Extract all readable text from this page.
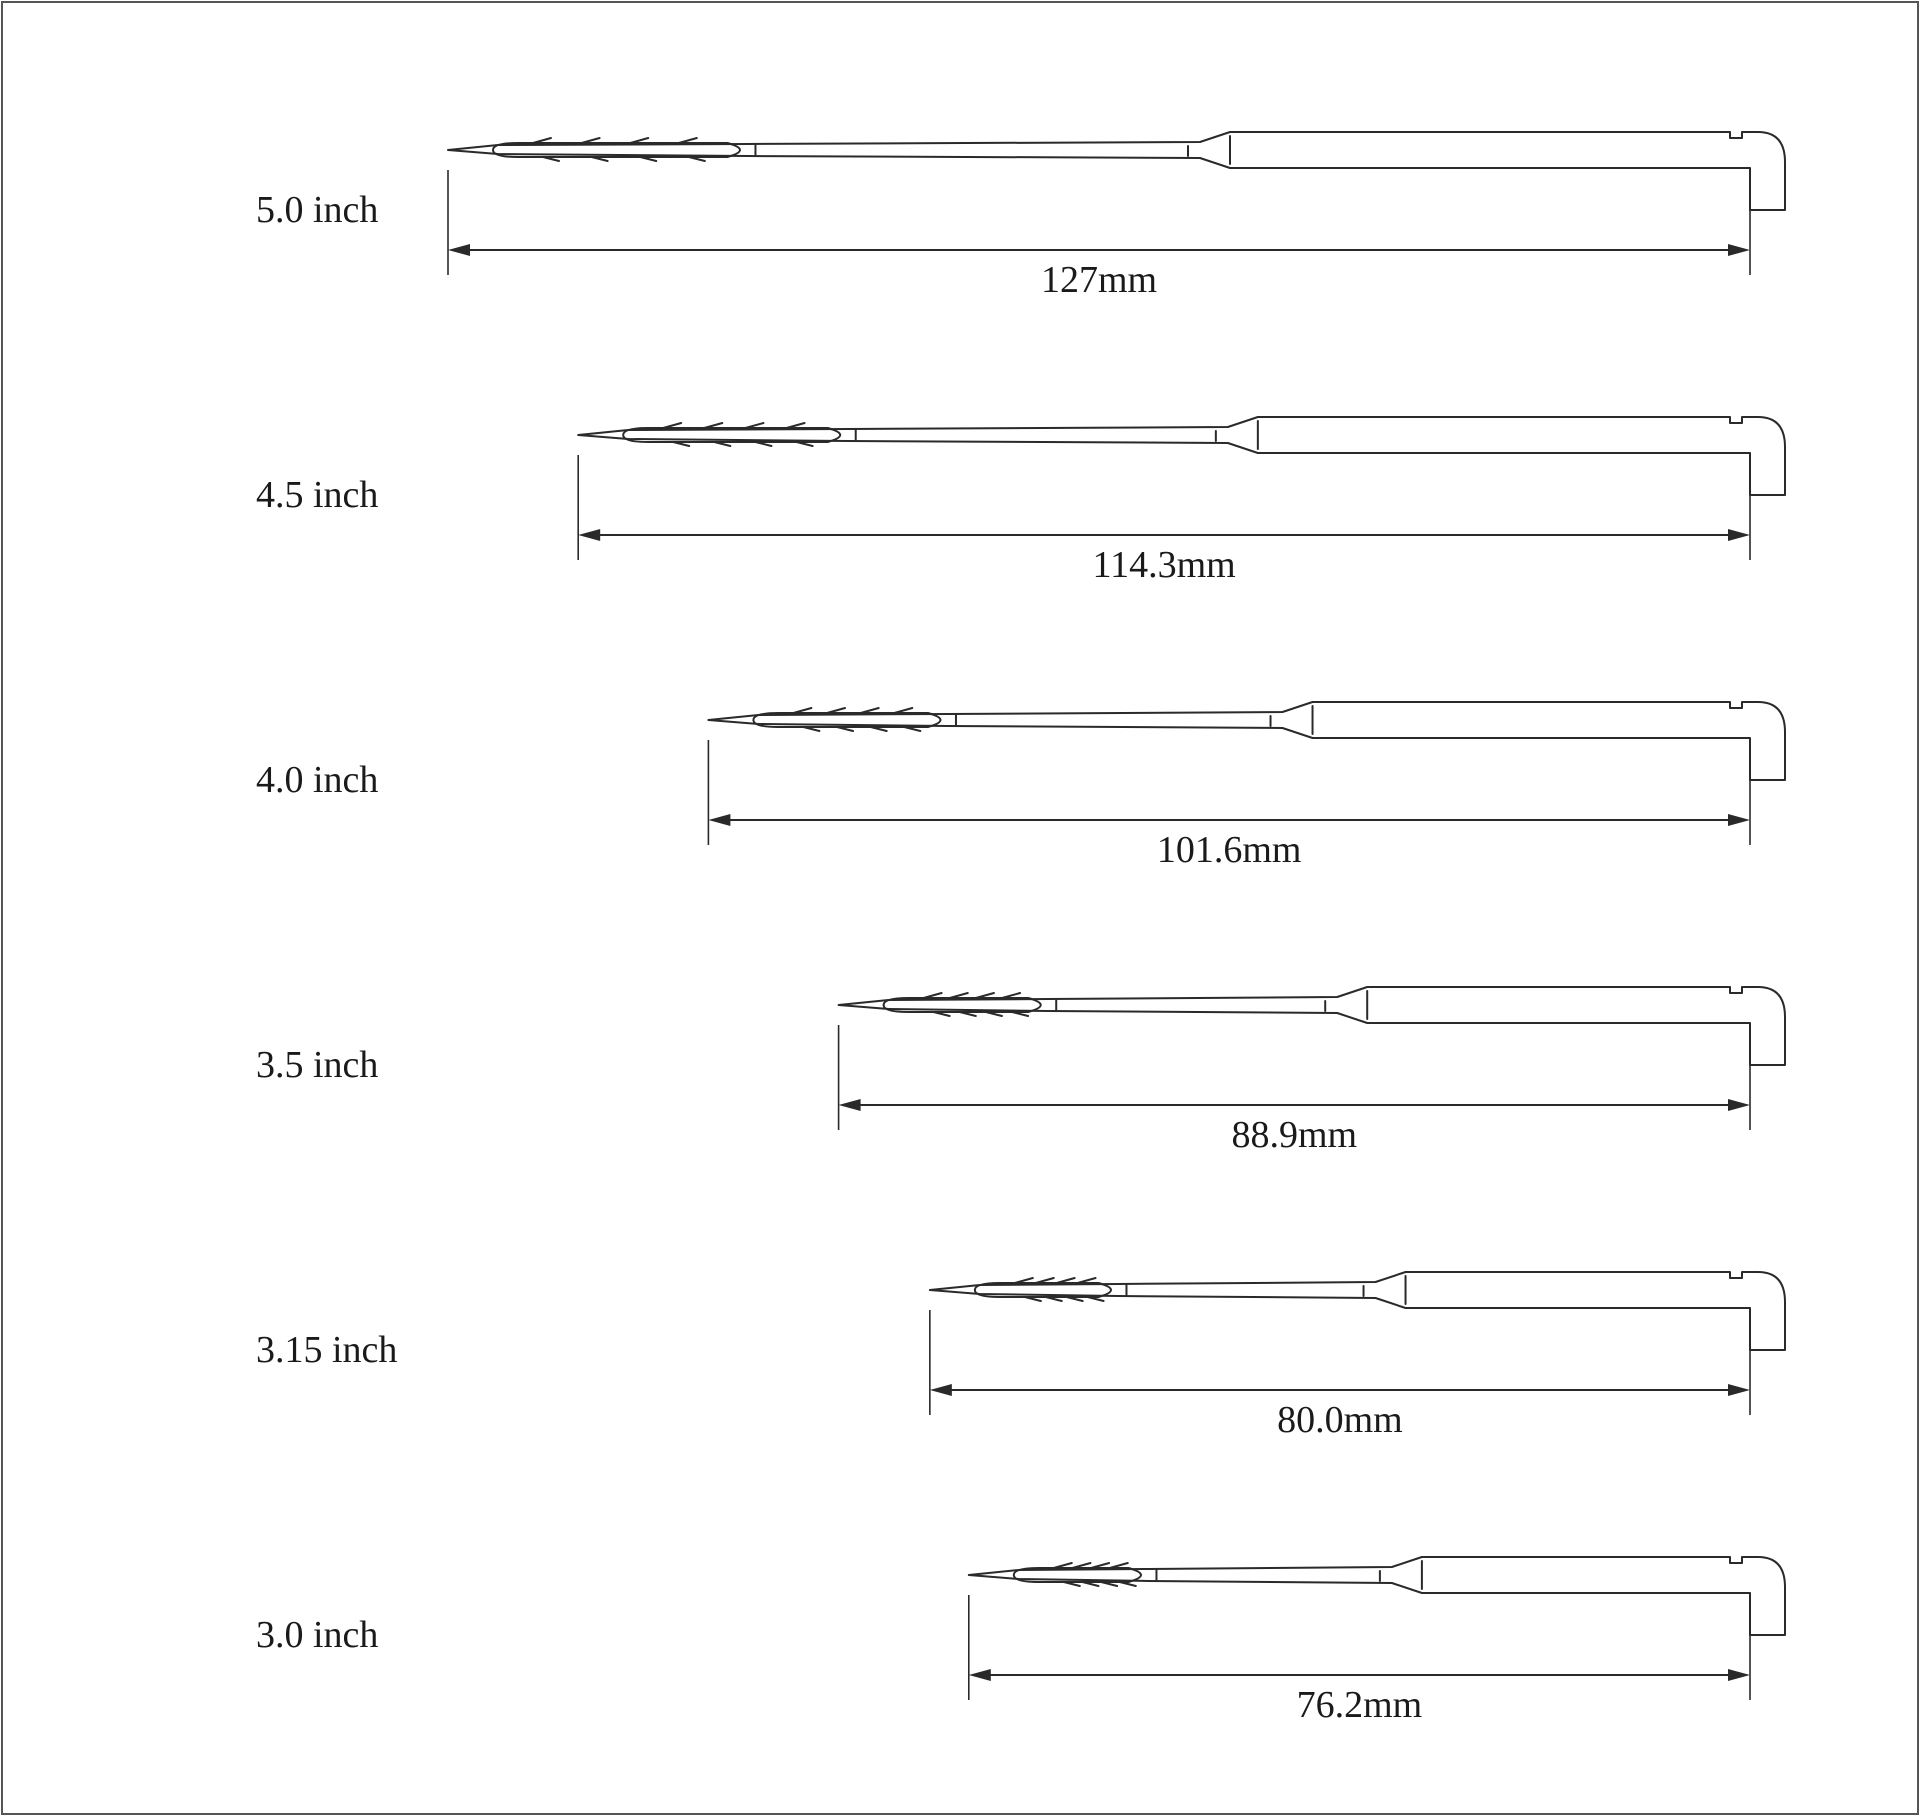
5.0 inch
127mm
4.5 inch
114.3mm
4.0 inch
101.6mm
3.5 inch
88.9mm
3.15 inch
80.0mm
3.0 inch
76.2mm
